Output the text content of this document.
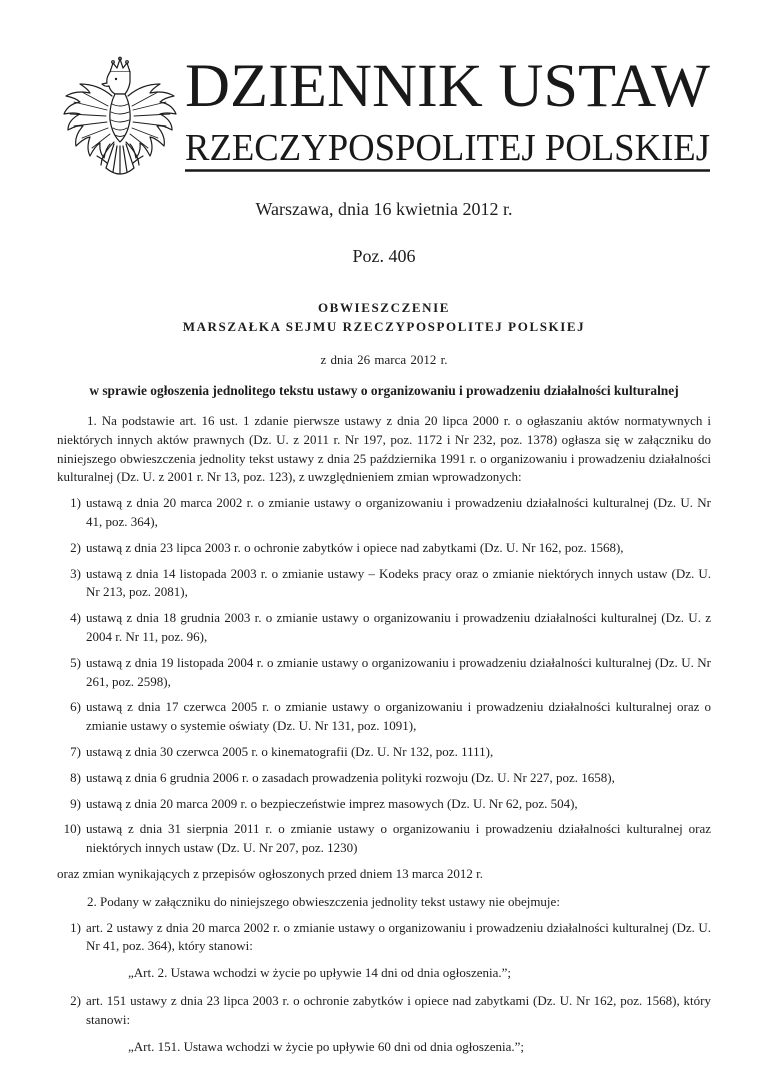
DZIENNIK USTAW
RZECZYPOSPOLITEJ POLSKIEJ

Warszawa, dnia 16 kwietnia 2012 r.

Poz. 406

OBWIESZCZENIE

MARSZAŁKA SEJMU RZECZYPOSPOLITEJ POLSKIEJ

z dnia 26 marca 2012 r.

w sprawie ogłoszenia jednolitego tekstu ustawy o organizowaniu i prowadzeniu działalności kulturalnej

1. Na podstawie art. 16 ust. 1 zdanie pierwsze ustawy z dnia 20 lipca 2000 r. o ogłaszaniu aktów normatywnych i niektórych innych aktów prawnych (Dz. U. z 2011 r. Nr 197, poz. 1172 i Nr 232, poz. 1378) ogłasza się w załączniku do niniejszego obwieszczenia jednolity tekst ustawy z dnia 25 października 1991 r. o organizowaniu i prowadzeniu działalności kulturalnej (Dz. U. z 2001 r. Nr 13, poz. 123), z uwzględnieniem zmian wprowadzonych:

1) ustawą z dnia 20 marca 2002 r. o zmianie ustawy o organizowaniu i prowadzeniu działalności kulturalnej (Dz. U. Nr 41, poz. 364),
2) ustawą z dnia 23 lipca 2003 r. o ochronie zabytków i opiece nad zabytkami (Dz. U. Nr 162, poz. 1568),
3) ustawą z dnia 14 listopada 2003 r. o zmianie ustawy – Kodeks pracy oraz o zmianie niektórych innych ustaw (Dz. U. Nr 213, poz. 2081),
4) ustawą z dnia 18 grudnia 2003 r. o zmianie ustawy o organizowaniu i prowadzeniu działalności kulturalnej (Dz. U. z 2004 r. Nr 11, poz. 96),
5) ustawą z dnia 19 listopada 2004 r. o zmianie ustawy o organizowaniu i prowadzeniu działalności kulturalnej (Dz. U. Nr 261, poz. 2598),
6) ustawą z dnia 17 czerwca 2005 r. o zmianie ustawy o organizowaniu i prowadzeniu działalności kulturalnej oraz o zmianie ustawy o systemie oświaty (Dz. U. Nr 131, poz. 1091),
7) ustawą z dnia 30 czerwca 2005 r. o kinematografii (Dz. U. Nr 132, poz. 1111),
8) ustawą z dnia 6 grudnia 2006 r. o zasadach prowadzenia polityki rozwoju (Dz. U. Nr 227, poz. 1658),
9) ustawą z dnia 20 marca 2009 r. o bezpieczeństwie imprez masowych (Dz. U. Nr 62, poz. 504),
10) ustawą z dnia 31 sierpnia 2011 r. o zmianie ustawy o organizowaniu i prowadzeniu działalności kulturalnej oraz niektórych innych ustaw (Dz. U. Nr 207, poz. 1230)

oraz zmian wynikających z przepisów ogłoszonych przed dniem 13 marca 2012 r.

2. Podany w załączniku do niniejszego obwieszczenia jednolity tekst ustawy nie obejmuje:

1) art. 2 ustawy z dnia 20 marca 2002 r. o zmianie ustawy o organizowaniu i prowadzeniu działalności kulturalnej (Dz. U. Nr 41, poz. 364), który stanowi:
„Art. 2. Ustawa wchodzi w życie po upływie 14 dni od dnia ogłoszenia.”;
2) art. 151 ustawy z dnia 23 lipca 2003 r. o ochronie zabytków i opiece nad zabytkami (Dz. U. Nr 162, poz. 1568), który stanowi:
„Art. 151. Ustawa wchodzi w życie po upływie 60 dni od dnia ogłoszenia.”;
